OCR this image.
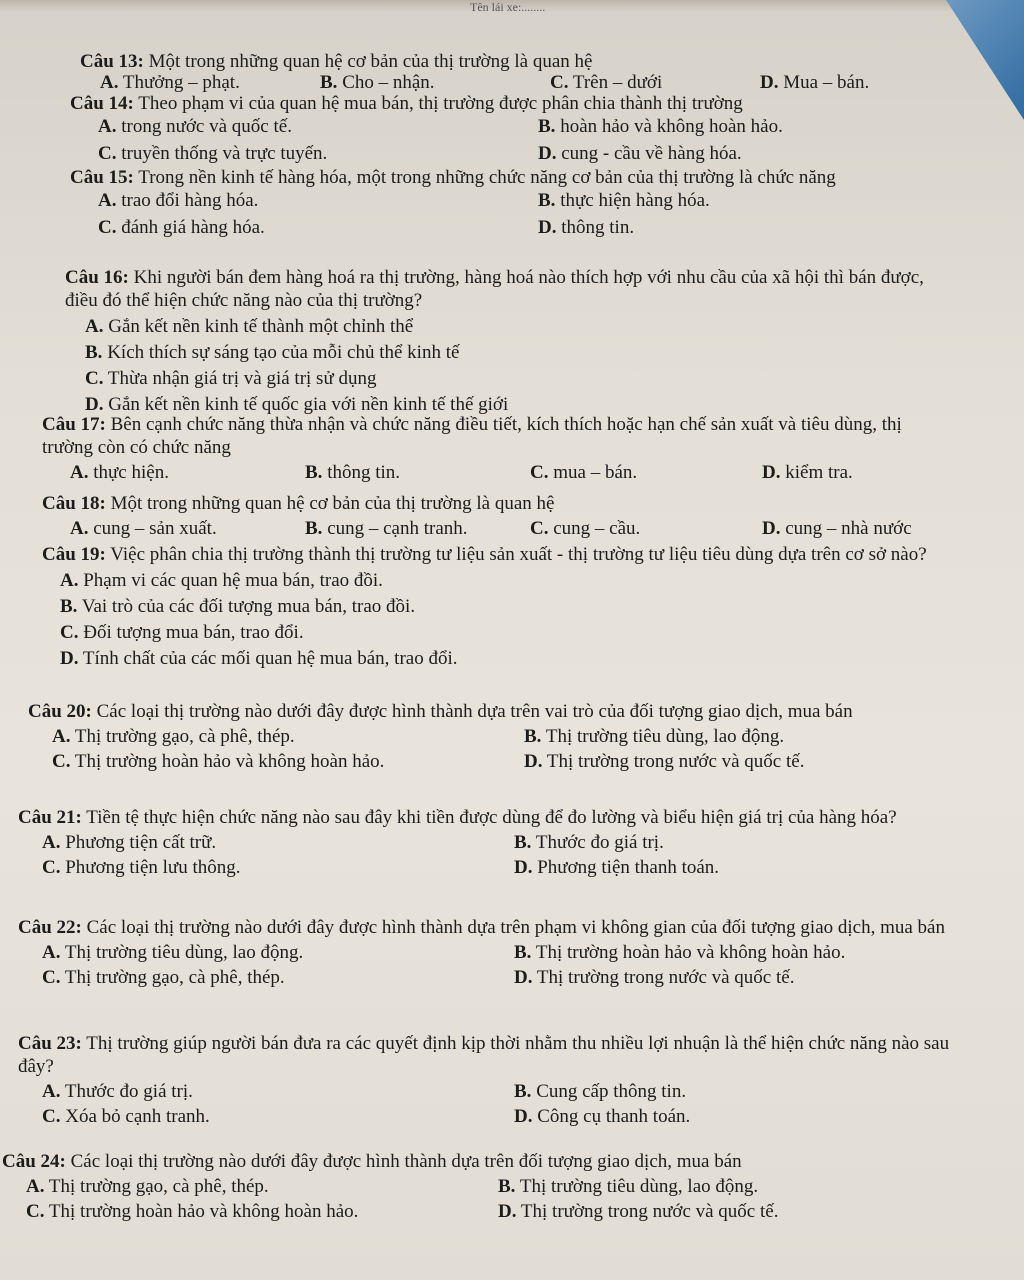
Tên lái xe:........

Câu 13: Một trong những quan hệ cơ bản của thị trường là quan hệ

A. Thưởng – phạt.	B. Cho – nhận.	C. Trên – dưới	D. Mua – bán.

Câu 14: Theo phạm vi của quan hệ mua bán, thị trường được phân chia thành thị trường

A. trong nước và quốc tế.	B. hoàn hảo và không hoàn hảo.
C. truyền thống và trực tuyến.	D. cung - cầu về hàng hóa.

Câu 15: Trong nền kinh tế hàng hóa, một trong những chức năng cơ bản của thị trường là chức năng

A. trao đổi hàng hóa.	B. thực hiện hàng hóa.
C. đánh giá hàng hóa.	D. thông tin.

Câu 16: Khi người bán đem hàng hoá ra thị trường, hàng hoá nào thích hợp với nhu cầu của xã hội thì bán được, điều đó thể hiện chức năng nào của thị trường?

A. Gắn kết nền kinh tế thành một chỉnh thể
B. Kích thích sự sáng tạo của mỗi chủ thể kinh tế
C. Thừa nhận giá trị và giá trị sử dụng
D. Gắn kết nền kinh tế quốc gia với nền kinh tế thế giới

Câu 17: Bên cạnh chức năng thừa nhận và chức năng điều tiết, kích thích hoặc hạn chế sản xuất và tiêu dùng, thị trường còn có chức năng

A. thực hiện.	B. thông tin.	C. mua – bán.	D. kiểm tra.

Câu 18: Một trong những quan hệ cơ bản của thị trường là quan hệ

A. cung – sản xuất.	B. cung – cạnh tranh.	C. cung – cầu.	D. cung – nhà nước

Câu 19: Việc phân chia thị trường thành thị trường tư liệu sản xuất - thị trường tư liệu tiêu dùng dựa trên cơ sở nào?

A. Phạm vi các quan hệ mua bán, trao đồi.
B. Vai trò của các đối tượng mua bán, trao đồi.
C. Đối tượng mua bán, trao đổi.
D. Tính chất của các mối quan hệ mua bán, trao đổi.

Câu 20: Các loại thị trường nào dưới đây được hình thành dựa trên vai trò của đối tượng giao dịch, mua bán

A. Thị trường gạo, cà phê, thép.	B. Thị trường tiêu dùng, lao động.
C. Thị trường hoàn hảo và không hoàn hảo.	D. Thị trường trong nước và quốc tế.

Câu 21: Tiền tệ thực hiện chức năng nào sau đây khi tiền được dùng để đo lường và biểu hiện giá trị của hàng hóa?

A. Phương tiện cất trữ.	B. Thước đo giá trị.
C. Phương tiện lưu thông.	D. Phương tiện thanh toán.

Câu 22: Các loại thị trường nào dưới đây được hình thành dựa trên phạm vi không gian của đối tượng giao dịch, mua bán

A. Thị trường tiêu dùng, lao động.	B. Thị trường hoàn hảo và không hoàn hảo.
C. Thị trường gạo, cà phê, thép.	D. Thị trường trong nước và quốc tế.

Câu 23: Thị trường giúp người bán đưa ra các quyết định kịp thời nhằm thu nhiều lợi nhuận là thể hiện chức năng nào sau đây?

A. Thước đo giá trị.	B. Cung cấp thông tin.
C. Xóa bỏ cạnh tranh.	D. Công cụ thanh toán.

Câu 24: Các loại thị trường nào dưới đây được hình thành dựa trên đối tượng giao dịch, mua bán

A. Thị trường gạo, cà phê, thép.	B. Thị trường tiêu dùng, lao động.
C. Thị trường hoàn hảo và không hoàn hảo.	D. Thị trường trong nước và quốc tế.
